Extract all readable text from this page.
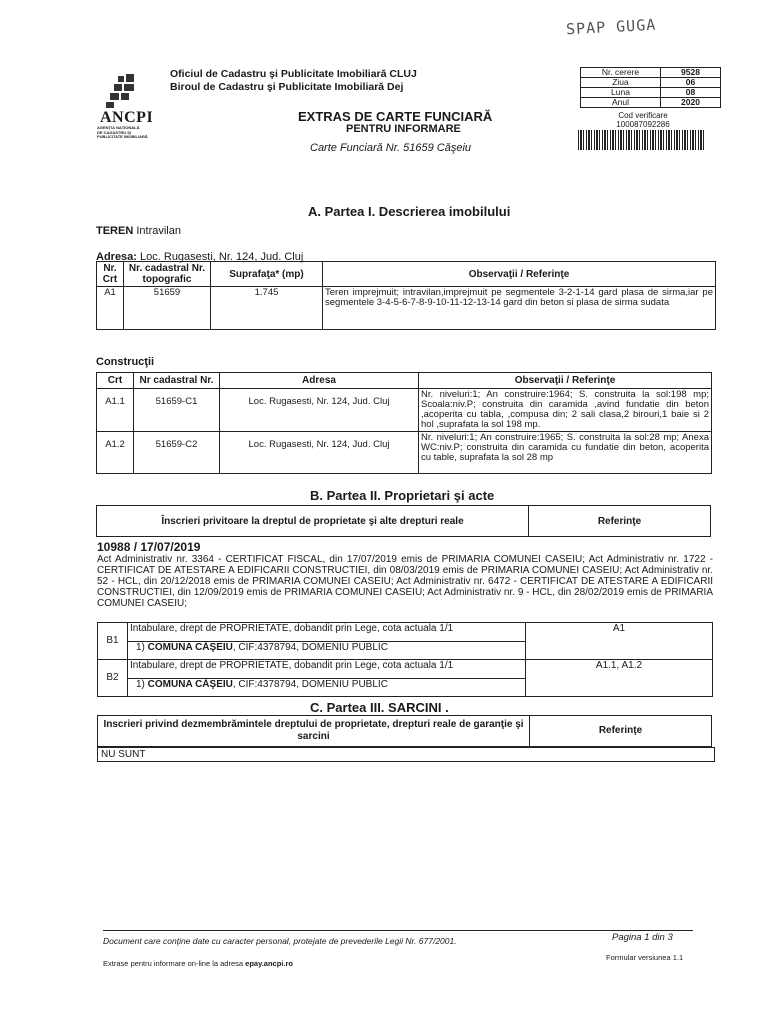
SPAP GUGA
ANCPI
AGENȚIA NAȚIONALĂ
DE CADASTRU ȘI
PUBLICITATE IMOBILIARĂ
Oficiul de Cadastru şi Publicitate Imobiliară CLUJ
Biroul de Cadastru şi Publicitate Imobiliară Dej
Nr. cerere	9528
Ziua	06
Luna	08
Anul	2020
Cod verificare
100087092286
EXTRAS DE CARTE FUNCIARĂ
PENTRU INFORMARE
Carte Funciară Nr. 51659 Căşeiu
A. Partea I. Descrierea imobilului
TEREN Intravilan
Adresa: Loc. Rugasesti, Nr. 124, Jud. Cluj
Nr. Crt	Nr. cadastral Nr. topografic	Suprafaţa* (mp)	Observaţii / Referinţe
A1	51659	1.745	Teren imprejmuit; intravilan,imprejmuit pe segmentele 3-2-1-14 gard plasa de sirma,iar pe segmentele 3-4-5-6-7-8-9-10-11-12-13-14 gard din beton si plasa de sirma sudata
Construcţii
Crt	Nr cadastral Nr.	Adresa	Observaţii / Referinţe
A1.1	51659-C1	Loc. Rugasesti, Nr. 124, Jud. Cluj	Nr. niveluri:1; An construire:1964; S. construita la sol:198 mp; Scoala:niv.P; construita din caramida ,avind fundatie din beton ,acoperita cu tabla, ,compusa din; 2 sali clasa,2 birouri,1 baie si 2 hol ,suprafata la sol 198 mp.
A1.2	51659-C2	Loc. Rugasesti, Nr. 124, Jud. Cluj	Nr. niveluri:1; An construire:1965; S. construita la sol:28 mp; Anexa WC:niv.P; construita din caramida cu fundatie din beton, acoperita cu table, suprafata la sol 28 mp
B. Partea II. Proprietari şi acte
Înscrieri privitoare la dreptul de proprietate şi alte drepturi reale	Referinţe
10988 / 17/07/2019
Act Administrativ nr. 3364 - CERTIFICAT FISCAL, din 17/07/2019 emis de PRIMARIA COMUNEI CASEIU; Act Administrativ nr. 1722 - CERTIFICAT DE ATESTARE A EDIFICARII CONSTRUCTIEI, din 08/03/2019 emis de PRIMARIA COMUNEI CASEIU; Act Administrativ nr. 52 - HCL, din 20/12/2018 emis de PRIMARIA COMUNEI CASEIU; Act Administrativ nr. 6472 - CERTIFICAT DE ATESTARE A EDIFICARII CONSTRUCTIEI, din 12/09/2019 emis de PRIMARIA COMUNEI CASEIU; Act Administrativ nr. 9 - HCL, din 28/02/2019 emis de PRIMARIA COMUNEI CASEIU;
B1	Intabulare, drept de PROPRIETATE, dobandit prin Lege, cota actuala 1/1	A1
	1) COMUNA CĂŞEIU, CIF:4378794, DOMENIU PUBLIC	
B2	Intabulare, drept de PROPRIETATE, dobandit prin Lege, cota actuala 1/1	A1.1, A1.2
	1) COMUNA CĂŞEIU, CIF:4378794, DOMENIU PUBLIC	
C. Partea III. SARCINI .
Inscrieri privind dezmembrămintele dreptului de proprietate, drepturi reale de garanţie şi sarcini	Referinţe
NU SUNT
Document care conţine date cu caracter personal, protejate de prevederile Legii Nr. 677/2001.	Pagina 1 din 3
Extrase pentru informare on-line la adresa epay.ancpi.ro
Formular versiunea 1.1
